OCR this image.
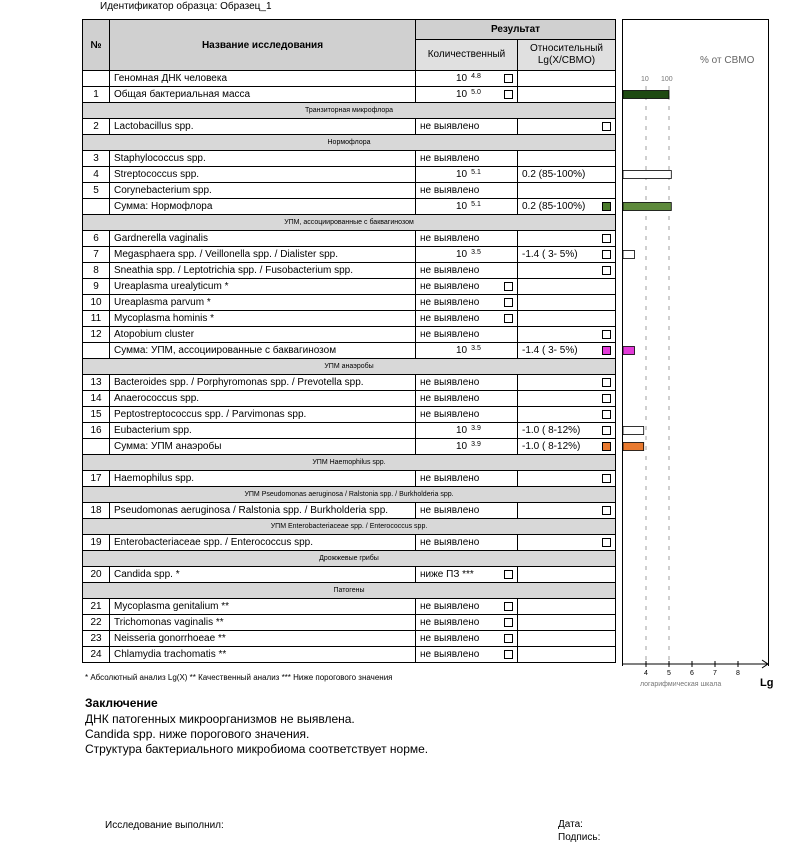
Идентификатор образца: Образец_1
№	Название исследования	Результат	
		Количественный	Относительный Lg(X/СВМО)
	Геномная ДНК человека	10 $^{4.8}$

1	Общая бактериальная масса	10 $^{5.0}$

Транзиторная микрофлора			
2	Lactobacillus spp.	не выявлено	

Нормофлора			
3	Staphylococcus spp.	не выявлено	
4	Streptococcus spp.	10 $^{5.1}$	0.2 (85-100%)
5	Corynebacterium spp.	не выявлено	
	Сумма: Нормофлора	10 $^{5.1}$	0.2 (85-100%)

УПМ, ассоциированные с баквагинозом			
6	Gardnerella vaginalis	не выявлено	

7	Megasphaera spp. / Veillonella spp. / Dialister spp.	10 $^{3.5}$	-1.4 ( 3- 5%)

8	Sneathia spp. / Leptotrichia spp. / Fusobacterium spp.	не выявлено	

9	Ureaplasma urealyticum *	не выявлено

10	Ureaplasma parvum *	не выявлено

11	Mycoplasma hominis *	не выявлено

12	Atopobium cluster	не выявлено	

	Сумма: УПМ, ассоциированные с баквагинозом	10 $^{3.5}$	-1.4 ( 3- 5%)

УПМ анаэробы			
13	Bacteroides spp. / Porphyromonas spp. / Prevotella spp.	не выявлено	

14	Anaerococcus spp.	не выявлено	

15	Peptostreptococcus spp. / Parvimonas spp.	не выявлено	

16	Eubacterium spp.	10 $^{3.9}$	-1.0 ( 8-12%)

	Сумма: УПМ анаэробы	10 $^{3.9}$	-1.0 ( 8-12%)

УПМ Haemophilus spp.			
17	Haemophilus spp.	не выявлено	

УПМ Pseudomonas aeruginosa / Ralstonia spp. / Burkholderia spp.			
18	Pseudomonas aeruginosa / Ralstonia spp. / Burkholderia spp.	не выявлено	

УПМ Enterobacteriaceae spp. / Enterococcus spp.			
19	Enterobacteriaceae spp. / Enterococcus spp.	не выявлено	

Дрожжевые грибы			
20	Candida spp. *	ниже ПЗ ***

Патогены			
21	Mycoplasma genitalium **	не выявлено

22	Trichomonas vaginalis **	не выявлено

23	Neisseria gonorrhoeae **	не выявлено

24	Chlamydia trachomatis **	не выявлено

% от СВМО
10 100
4	5	6	7	8
логарифмическая шкала	Lg
* Абсолютный анализ Lg(X) ** Качественный анализ *** Ниже порогового значения
Заключение
ДНК патогенных микроорганизмов не выявлена.
Candida spp. ниже порогового значения.
Структура бактериального микробиома соответствует норме.
Исследование выполнил:	Дата:
Подпись:
